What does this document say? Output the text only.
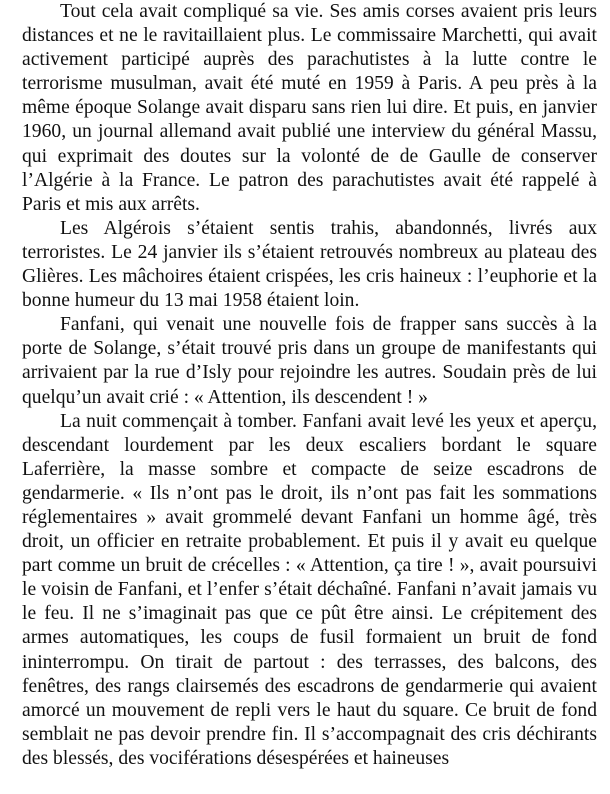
Tout cela avait compliqué sa vie. Ses amis corses avaient pris leurs distances et ne le ravitaillaient plus. Le commissaire Marchetti, qui avait activement participé auprès des parachutistes à la lutte contre le terrorisme musulman, avait été muté en 1959 à Paris. A peu près à la même époque Solange avait disparu sans rien lui dire. Et puis, en janvier 1960, un journal allemand avait publié une interview du général Massu, qui exprimait des doutes sur la volonté de de Gaulle de conserver l’Algérie à la France. Le patron des parachutistes avait été rappelé à Paris et mis aux arrêts.

Les Algérois s’étaient sentis trahis, abandonnés, livrés aux terroristes. Le 24 janvier ils s’étaient retrouvés nombreux au plateau des Glières. Les mâchoires étaient crispées, les cris haineux : l’euphorie et la bonne humeur du 13 mai 1958 étaient loin.

Fanfani, qui venait une nouvelle fois de frapper sans succès à la porte de Solange, s’était trouvé pris dans un groupe de manifestants qui arrivaient par la rue d’Isly pour rejoindre les autres. Soudain près de lui quelqu’un avait crié : « Attention, ils descendent ! »

La nuit commençait à tomber. Fanfani avait levé les yeux et aperçu, descendant lourdement par les deux escaliers bordant le square Laferrière, la masse sombre et compacte de seize escadrons de gendarmerie. « Ils n’ont pas le droit, ils n’ont pas fait les sommations réglementaires » avait grommelé devant Fanfani un homme âgé, très droit, un officier en retraite probablement. Et puis il y avait eu quelque part comme un bruit de crécelles : « Attention, ça tire ! », avait poursuivi le voisin de Fanfani, et l’enfer s’était déchaîné. Fanfani n’avait jamais vu le feu. Il ne s’imaginait pas que ce pût être ainsi. Le crépitement des armes automatiques, les coups de fusil formaient un bruit de fond ininterrompu. On tirait de partout : des terrasses, des balcons, des fenêtres, des rangs clairsemés des escadrons de gendarmerie qui avaient amorcé un mouvement de repli vers le haut du square. Ce bruit de fond semblait ne pas devoir prendre fin. Il s’accompagnait des cris déchirants des blessés, des vociférations désespérées et haineuses
